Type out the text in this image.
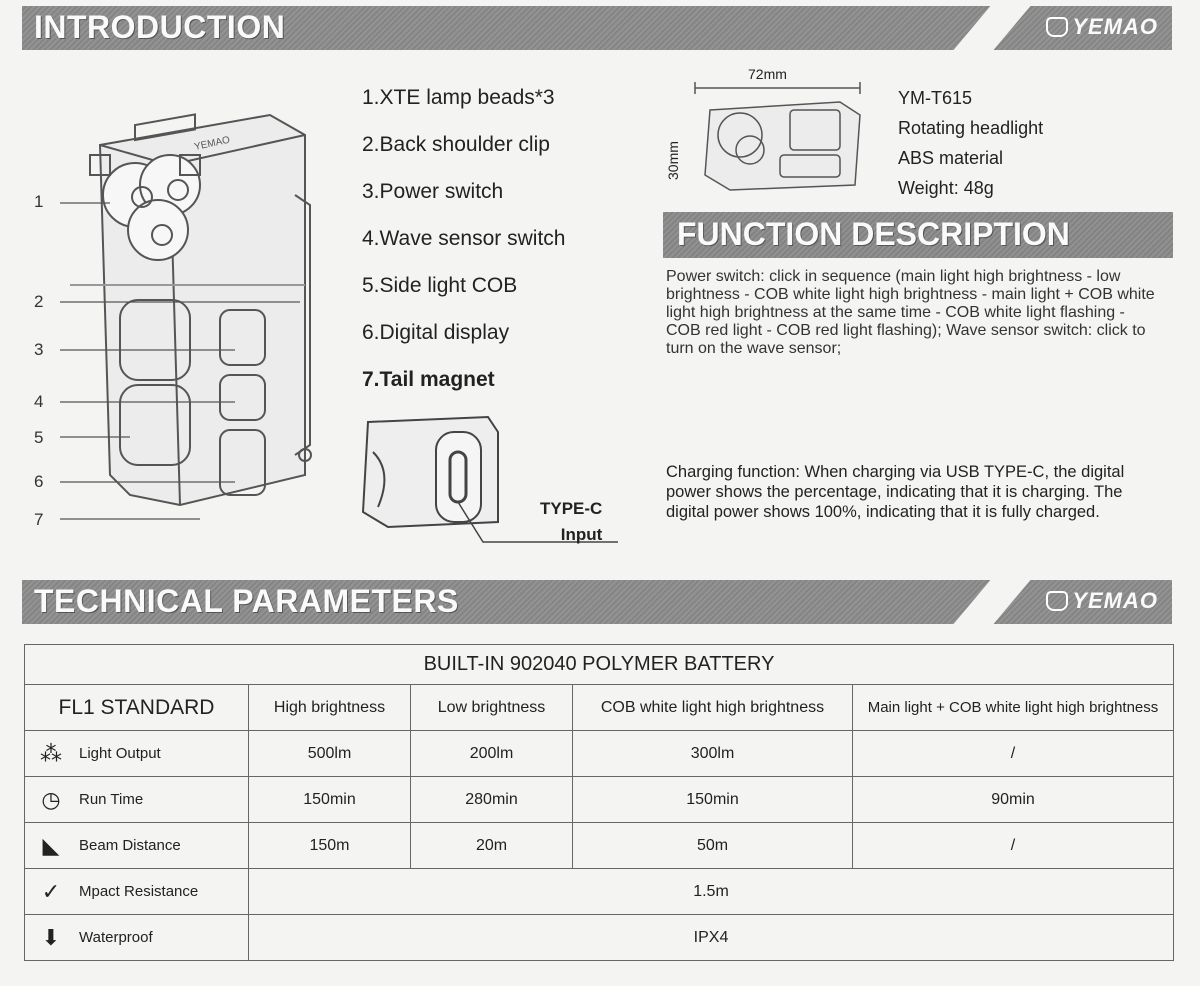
INTRODUCTION	YEMAO
YEMAO
1
2
3
4
5
6
7
1.XTE lamp beads*3
2.Back shoulder clip
3.Power switch
4.Wave sensor switch
5.Side light COB
6.Digital display
7.Tail magnet
TYPE-C
Input
72mm
30mm
YM-T615
Rotating headlight
ABS material
Weight: 48g
FUNCTION DESCRIPTION
Power switch: click in sequence (main light high brightness - low brightness - COB white light high brightness - main light + COB white light high brightness at the same time - COB white light flashing - COB red light - COB red light flashing); Wave sensor switch: click to turn on the wave sensor;
Charging function: When charging via USB TYPE-C, the digital power shows the percentage, indicating that it is charging. The digital power shows 100%, indicating that it is fully charged.
TECHNICAL PARAMETERS	YEMAO
BUILT-IN 902040 POLYMER BATTERY				
FL1 STANDARD	High brightness	Low brightness	COB white light high brightness	Main light + COB white light high brightness

⁂ Light Output	500lm	200lm	300lm	/

◷ Run Time	150min	280min	150min	90min

◣ Beam Distance	150m	20m	50m	/

✓ Mpact Resistance	1.5m			

⬇ Waterproof	IPX4			
